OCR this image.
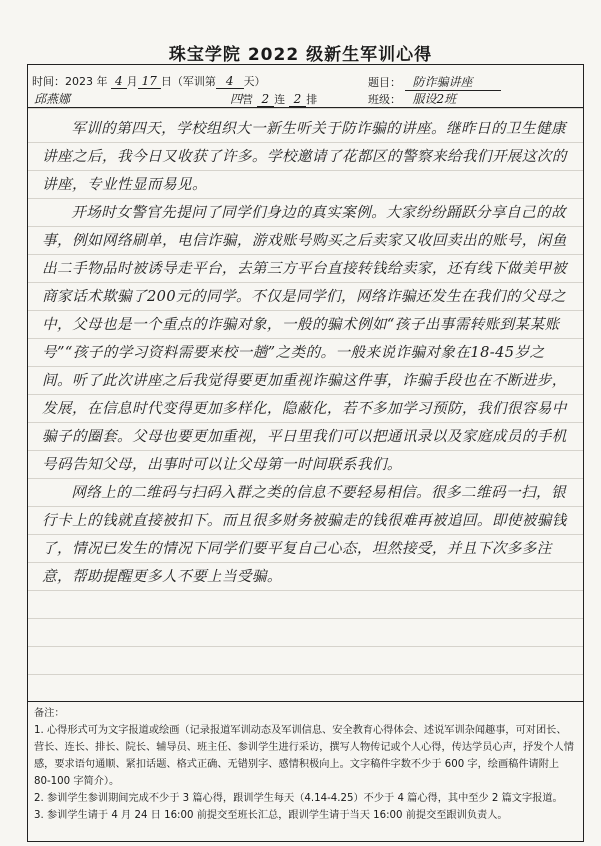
珠宝学院 2022 级新生军训心得
时间：2023 年 4 月 17 日（军训第 4 天）	题目： 防诈骗讲座
邱燕娜	四营 2 连 2 排	班级： 服设2班

军训的第四天，学校组织大一新生听关于防诈骗的讲座。继昨日的卫生健康讲座之后，我今日又收获了许多。学校邀请了花都区的警察来给我们开展这次的讲座，专业性显而易见。

开场时女警官先提问了同学们身边的真实案例。大家纷纷踊跃分享自己的故事，例如网络刷单，电信诈骗，游戏账号购买之后卖家又收回卖出的账号，闲鱼出二手物品时被诱导走平台，去第三方平台直接转钱给卖家，还有线下做美甲被商家话术欺骗了200元的同学。不仅是同学们，网络诈骗还发生在我们的父母之中，父母也是一个重点的诈骗对象，一般的骗术例如“孩子出事需转账到某某账号”“孩子的学习资料需要来校一趟”之类的。一般来说诈骗对象在18-45岁之间。听了此次讲座之后我觉得要更加重视诈骗这件事，诈骗手段也在不断进步，发展，在信息时代变得更加多样化，隐蔽化，若不多加学习预防，我们很容易中骗子的圈套。父母也要更加重视，平日里我们可以把通讯录以及家庭成员的手机号码告知父母，出事时可以让父母第一时间联系我们。

网络上的二维码与扫码入群之类的信息不要轻易相信。很多二维码一扫，银行卡上的钱就直接被扣下。而且很多财务被骗走的钱很难再被追回。即使被骗钱了，情况已发生的情况下同学们要平复自己心态，坦然接受，并且下次多多注意，帮助提醒更多人不要上当受骗。

备注：

1. 心得形式可为文字报道或绘画（记录报道军训动态及军训信息、安全教育心得体会、述说军训杂闻趣事，可对团长、营长、连长、排长、院长、辅导员、班主任、参训学生进行采访，撰写人物传记或个人心得，传达学员心声，抒发个人情感，要求语句通顺、紧扣话题、格式正确、无错别字、感情积极向上。文字稿件字数不少于 600 字，绘画稿件请附上 80-100 字简介）。

2. 参训学生参训期间完成不少于 3 篇心得，跟训学生每天（4.14-4.25）不少于 4 篇心得，其中至少 2 篇文字报道。

3. 参训学生请于 4 月 24 日 16:00 前提交至班长汇总，跟训学生请于当天 16:00 前提交至跟训负责人。
